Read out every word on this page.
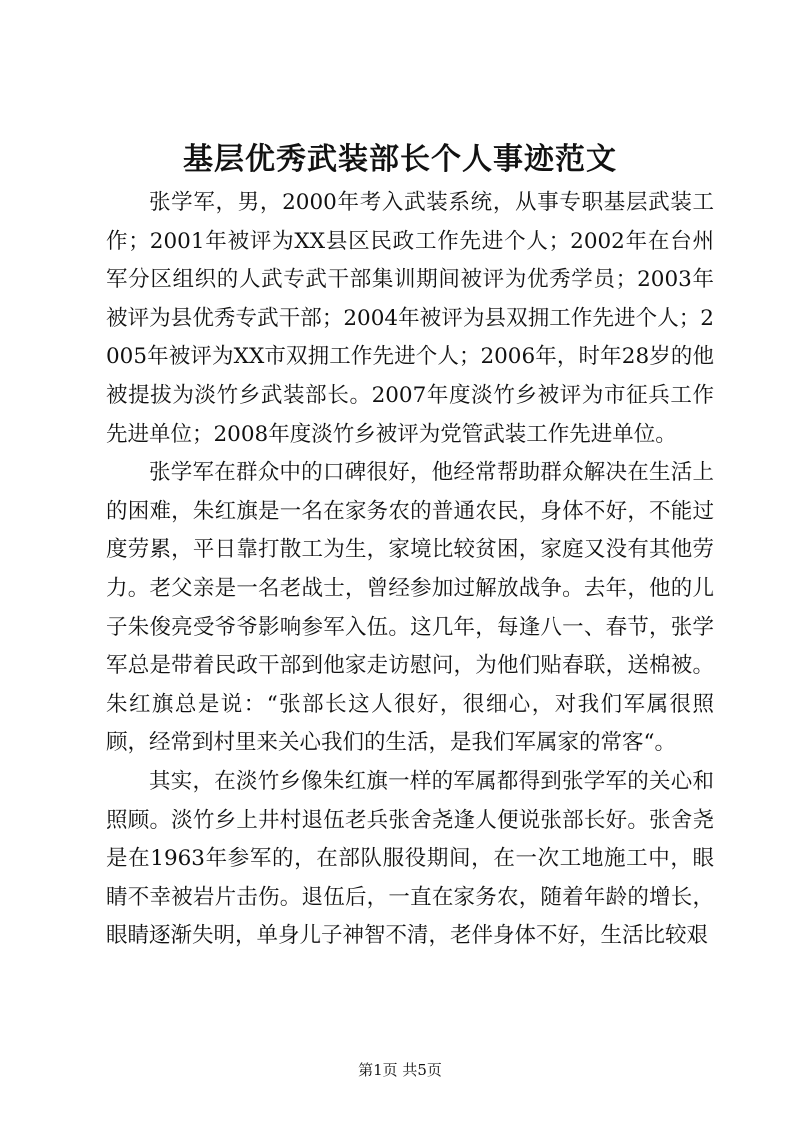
基层优秀武装部长个人事迹范文

张学军，男，2000年考入武装系统，从事专职基层武装工作；2001年被评为XX县区民政工作先进个人；2002年在台州军分区组织的人武专武干部集训期间被评为优秀学员；2003年被评为县优秀专武干部；2004年被评为县双拥工作先进个人；2005年被评为XX市双拥工作先进个人；2006年，时年28岁的他被提拔为淡竹乡武装部长。2007年度淡竹乡被评为市征兵工作先进单位；2008年度淡竹乡被评为党管武装工作先进单位。

张学军在群众中的口碑很好，他经常帮助群众解决在生活上的困难，朱红旗是一名在家务农的普通农民，身体不好，不能过度劳累，平日靠打散工为生，家境比较贫困，家庭又没有其他劳力。老父亲是一名老战士，曾经参加过解放战争。去年，他的儿子朱俊亮受爷爷影响参军入伍。这几年，每逢八一、春节，张学军总是带着民政干部到他家走访慰问，为他们贴春联，送棉被。朱红旗总是说：“张部长这人很好，很细心，对我们军属很照顾，经常到村里来关心我们的生活，是我们军属家的常客“。

其实，在淡竹乡像朱红旗一样的军属都得到张学军的关心和照顾。淡竹乡上井村退伍老兵张舍尧逢人便说张部长好。张舍尧是在1963年参军的，在部队服役期间，在一次工地施工中，眼睛不幸被岩片击伤。退伍后，一直在家务农，随着年龄的增长，眼睛逐渐失明，单身儿子神智不清，老伴身体不好，生活比较艰

第1页 共5页
